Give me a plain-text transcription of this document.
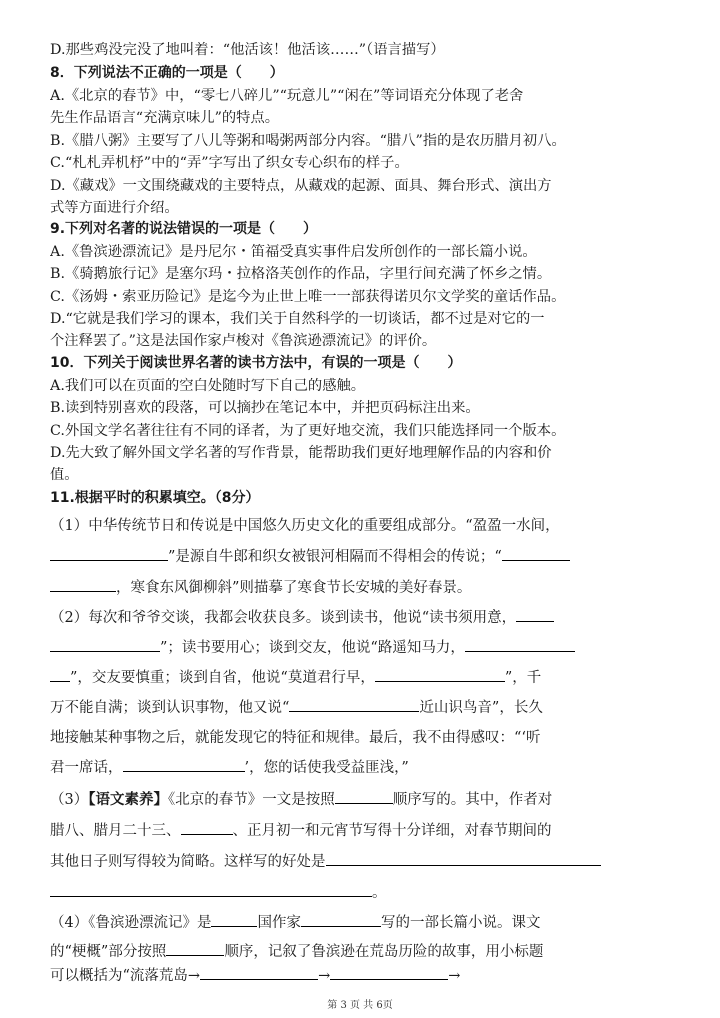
D.那些鸡没完没了地叫着：“他活该！他活该……”（语言描写）
8．下列说法不正确的一项是（　　）
A.《北京的春节》中，“零七八碎儿”“玩意儿”“闲在”等词语充分体现了老舍
先生作品语言“充满京味儿”的特点。
B.《腊八粥》主要写了八儿等粥和喝粥两部分内容。“腊八”指的是农历腊月初八。
C.“札札弄机杼”中的“弄”字写出了织女专心织布的样子。
D.《藏戏》一文围绕藏戏的主要特点，从藏戏的起源、面具、舞台形式、演出方
式等方面进行介绍。
9.下列对名著的说法错误的一项是（　　）
A.《鲁滨逊漂流记》是丹尼尔・笛福受真实事件启发所创作的一部长篇小说。
B.《骑鹅旅行记》是塞尔玛・拉格洛芙创作的作品，字里行间充满了怀乡之情。
C.《汤姆・索亚历险记》是迄今为止世上唯一一部获得诺贝尔文学奖的童话作品。
D.“它就是我们学习的课本，我们关于自然科学的一切谈话，都不过是对它的一
个注释罢了。”这是法国作家卢梭对《鲁滨逊漂流记》的评价。
10．下列关于阅读世界名著的读书方法中，有误的一项是（　　）
A.我们可以在页面的空白处随时写下自己的感触。
B.读到特别喜欢的段落，可以摘抄在笔记本中，并把页码标注出来。
C.外国文学名著往往有不同的译者，为了更好地交流，我们只能选择同一个版本。
D.先大致了解外国文学名著的写作背景，能帮助我们更好地理解作品的内容和价
值。
11.根据平时的积累填空。（8分）
（1）中华传统节日和传说是中国悠久历史文化的重要组成部分。“盈盈一水间，
”是源自牛郎和织女被银河相隔而不得相会的传说；“
，寒食东风御柳斜”则描摹了寒食节长安城的美好春景。
（2）每次和爷爷交谈，我都会收获良多。谈到读书，他说“读书须用意，
”；读书要用心；谈到交友，他说“路遥知马力，
”，交友要慎重；谈到自省，他说“莫道君行早，	”，千
万不能自满；谈到认识事物，他又说“	近山识鸟音”，长久
地接触某种事物之后，就能发现它的特征和规律。最后，我不由得感叹：“‘听
君一席话，	’，您的话使我受益匪浅，”
（3）【语文素养】《北京的春节》一文是按照	顺序写的。其中，作者对
腊八、腊月二十三、	、正月初一和元宵节写得十分详细，对春节期间的
其他日子则写得较为简略。这样写的好处是
。
（4）《鲁滨逊漂流记》是	国作家	写的一部长篇小说。课文
的“梗概”部分按照	顺序，记叙了鲁滨逊在荒岛历险的故事，用小标题
可以概括为“流落荒岛→	→	→
第 3 页 共 6页
